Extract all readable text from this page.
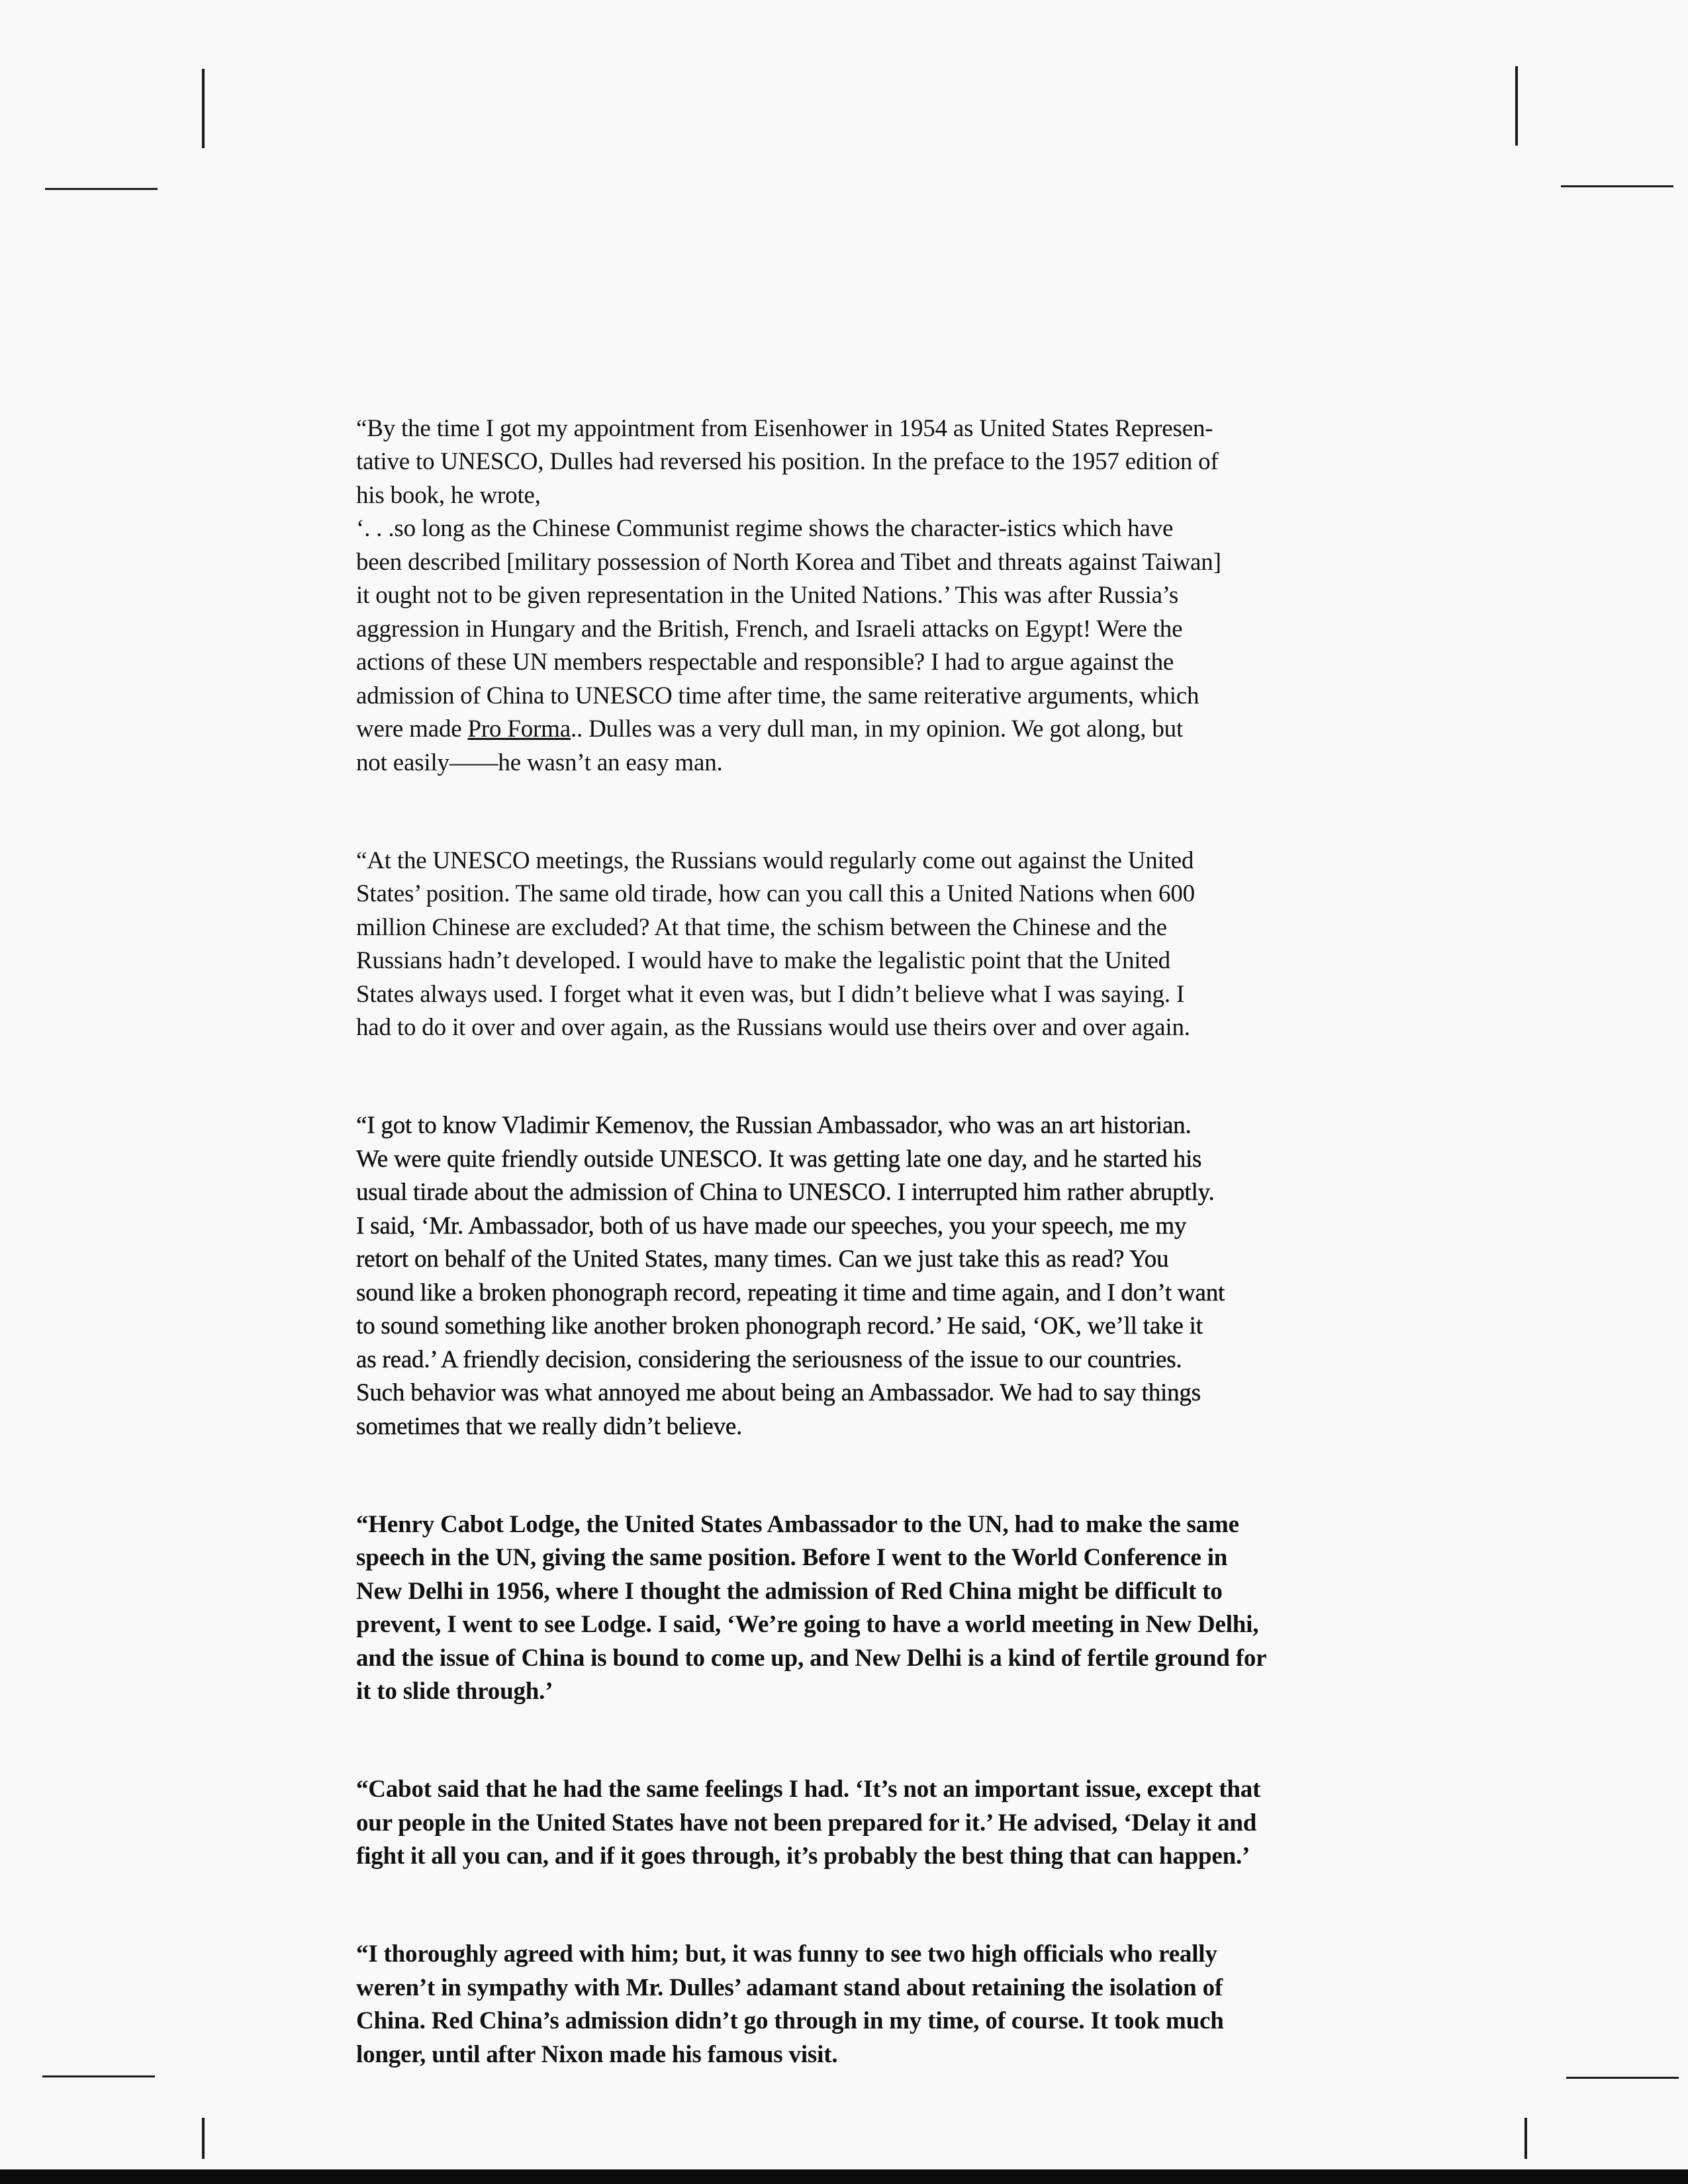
“By the time I got my appointment from Eisenhower in 1954 as United States Represen-
tative to UNESCO, Dulles had reversed his position. In the preface to the 1957 edition of
his book, he wrote,
‘. . .so long as the Chinese Communist regime shows the character-istics which have
been described [military possession of North Korea and Tibet and threats against Taiwan]
it ought not to be given representation in the United Nations.’ This was after Russia’s
aggression in Hungary and the British, French, and Israeli attacks on Egypt! Were the
actions of these UN members respectable and responsible? I had to argue against the
admission of China to UNESCO time after time, the same reiterative arguments, which
were made Pro Forma.. Dulles was a very dull man, in my opinion. We got along, but
not easily——he wasn’t an easy man.

“At the UNESCO meetings, the Russians would regularly come out against the United
States’ position. The same old tirade, how can you call this a United Nations when 600
million Chinese are excluded? At that time, the schism between the Chinese and the
Russians hadn’t developed. I would have to make the legalistic point that the United
States always used. I forget what it even was, but I didn’t believe what I was saying. I
had to do it over and over again, as the Russians would use theirs over and over again.

“I got to know Vladimir Kemenov, the Russian Ambassador, who was an art historian.
We were quite friendly outside UNESCO. It was getting late one day, and he started his
usual tirade about the admission of China to UNESCO. I interrupted him rather abruptly.
I said, ‘Mr. Ambassador, both of us have made our speeches, you your speech, me my
retort on behalf of the United States, many times. Can we just take this as read? You
sound like a broken phonograph record, repeating it time and time again, and I don’t want
to sound something like another broken phonograph record.’ He said, ‘OK, we’ll take it
as read.’ A friendly decision, considering the seriousness of the issue to our countries.
Such behavior was what annoyed me about being an Ambassador. We had to say things
sometimes that we really didn’t believe.

“Henry Cabot Lodge, the United States Ambassador to the UN, had to make the same
speech in the UN, giving the same position. Before I went to the World Conference in
New Delhi in 1956, where I thought the admission of Red China might be difficult to
prevent, I went to see Lodge. I said, ‘We’re going to have a world meeting in New Delhi,
and the issue of China is bound to come up, and New Delhi is a kind of fertile ground for
it to slide through.’

“Cabot said that he had the same feelings I had. ‘It’s not an important issue, except that
our people in the United States have not been prepared for it.’ He advised, ‘Delay it and
fight it all you can, and if it goes through, it’s probably the best thing that can happen.’

“I thoroughly agreed with him; but, it was funny to see two high officials who really
weren’t in sympathy with Mr. Dulles’ adamant stand about retaining the isolation of
China. Red China’s admission didn’t go through in my time, of course. It took much
longer, until after Nixon made his famous visit.
